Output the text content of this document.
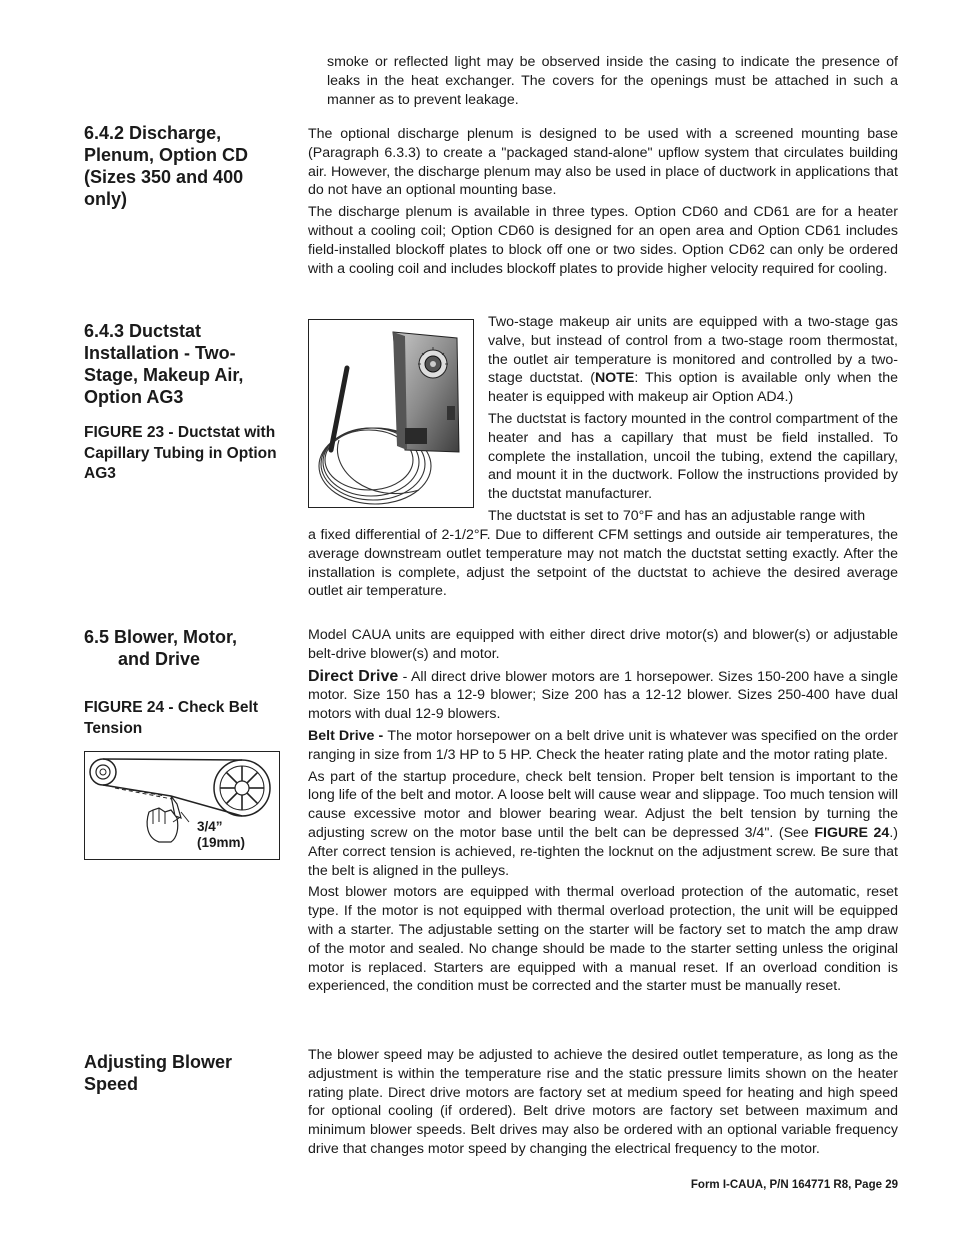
smoke or reflected light may be observed inside the casing to indicate the presence of leaks in the heat exchanger. The covers for the openings must be attached in such a manner as to prevent leakage.

6.4.2 Discharge, Plenum, Option CD (Sizes 350 and 400 only)

The optional discharge plenum is designed to be used with a screened mounting base (Paragraph 6.3.3) to create a "packaged stand-alone" upflow system that circulates building air. However, the discharge plenum may also be used in place of ductwork in applications that do not have an optional mounting base.

The discharge plenum is available in three types. Option CD60 and CD61 are for a heater without a cooling coil; Option CD60 is designed for an open area and Option CD61 includes field-installed blockoff plates to block off one or two sides. Option CD62 can only be ordered with a cooling coil and includes blockoff plates to provide higher velocity required for cooling.

6.4.3 Ductstat Installation - Two-Stage, Makeup Air, Option AG3

FIGURE 23 - Ductstat with Capillary Tubing in Option AG3

Two-stage makeup air units are equipped with a two-stage gas valve, but instead of control from a two-stage room thermostat, the outlet air temperature is monitored and controlled by a two-stage ductstat. (NOTE: This option is available only when the heater is equipped with makeup air Option AD4.)

The ductstat is factory mounted in the control compartment of the heater and has a capillary that must be field installed. To complete the installation, uncoil the tubing, extend the capillary, and mount it in the ductwork. Follow the instructions provided by the ductstat manufacturer.

The ductstat is set to 70°F and has an adjustable range with

a fixed differential of 2-1/2°F. Due to different CFM settings and outside air temperatures, the average downstream outlet temperature may not match the ductstat setting exactly. After the installation is complete, adjust the setpoint of the ductstat to achieve the desired average outlet air temperature.

6.5 Blower, Motor,
and Drive

FIGURE 24 - Check Belt Tension

3/4”
(19mm)

Model CAUA units are equipped with either direct drive motor(s) and blower(s) or adjustable belt-drive blower(s) and motor.

Direct Drive - All direct drive blower motors are 1 horsepower. Sizes 150-200 have a single motor. Size 150 has a 12-9 blower; Size 200 has a 12-12 blower. Sizes 250-400 have dual motors with dual 12-9 blowers.

Belt Drive - The motor horsepower on a belt drive unit is whatever was specified on the order ranging in size from 1/3 HP to 5 HP. Check the heater rating plate and the motor rating plate.

As part of the startup procedure, check belt tension. Proper belt tension is important to the long life of the belt and motor. A loose belt will cause wear and slippage. Too much tension will cause excessive motor and blower bearing wear. Adjust the belt tension by turning the adjusting screw on the motor base until the belt can be depressed 3/4". (See FIGURE 24.) After correct tension is achieved, re-tighten the locknut on the adjustment screw. Be sure that the belt is aligned in the pulleys.

Most blower motors are equipped with thermal overload protection of the automatic, reset type. If the motor is not equipped with thermal overload protection, the unit will be equipped with a starter. The adjustable setting on the starter will be factory set to match the amp draw of the motor and sealed. No change should be made to the starter setting unless the original motor is replaced. Starters are equipped with a manual reset. If an overload condition is experienced, the condition must be corrected and the starter must be manually reset.

Adjusting Blower Speed

The blower speed may be adjusted to achieve the desired outlet temperature, as long as the adjustment is within the temperature rise and the static pressure limits shown on the heater rating plate. Direct drive motors are factory set at medium speed for heating and high speed for optional cooling (if ordered). Belt drive motors are factory set between maximum and minimum blower speeds. Belt drives may also be ordered with an optional variable frequency drive that changes motor speed by changing the electrical frequency to the motor.

Form I-CAUA, P/N 164771 R8, Page 29
